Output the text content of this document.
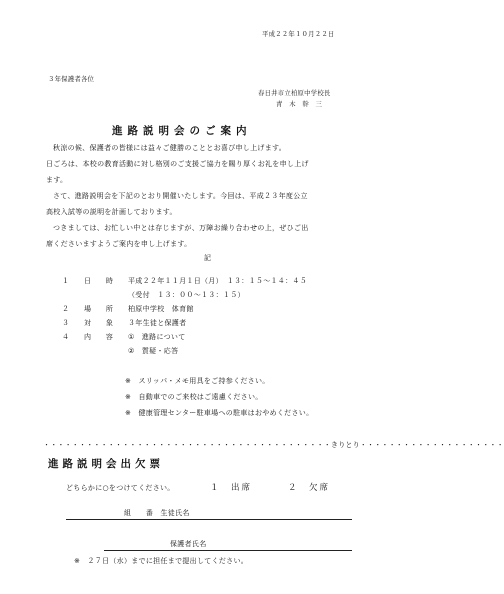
平成２２年１０月２２日
３年保護者各位
春日井市立柏原中学校長
青　木　幹　三
進路説明会のご案内
秋涼の候、保護者の皆様には益々ご健勝のこととお喜び申し上げます。
日ごろは、本校の教育活動に対し格別のご支援ご協力を賜り厚くお礼を申し上げ
ます。
さて、進路説明会を下記のとおり開催いたします。今回は、平成２３年度公立
高校入試等の説明を計画しております。
つきましては、お忙しい中とは存じますが、万障お繰り合わせの上，ぜひご出
席くださいますようご案内を申し上げます。
記
１ 日　　時 平成２２年１１月１日（月）　１３：１５～１４：４５
（受付　１３：００～１３：１５）
２ 場　　所 柏原中学校　体育館
３ 対　　象 ３年生徒と保護者
４ 内　　容 ①　進路について
②　質疑・応答
※　スリッパ・メモ用具をご持参ください。
※　自動車でのご来校はご遠慮ください。
※　健康管理センター駐車場への駐車はおやめください。
・・・・・・・・・・・・・・・・・・・・・・・・・・・・・・・・・・・・・・・・きりとり・・・・・・・・・・・・・・・・・・・・
進路説明会出欠票
どちらかに○をつけてください。	１　出席	２　欠席
組　　番　生徒氏名
保護者氏名
※　２７日（水）までに担任まで提出してください。
